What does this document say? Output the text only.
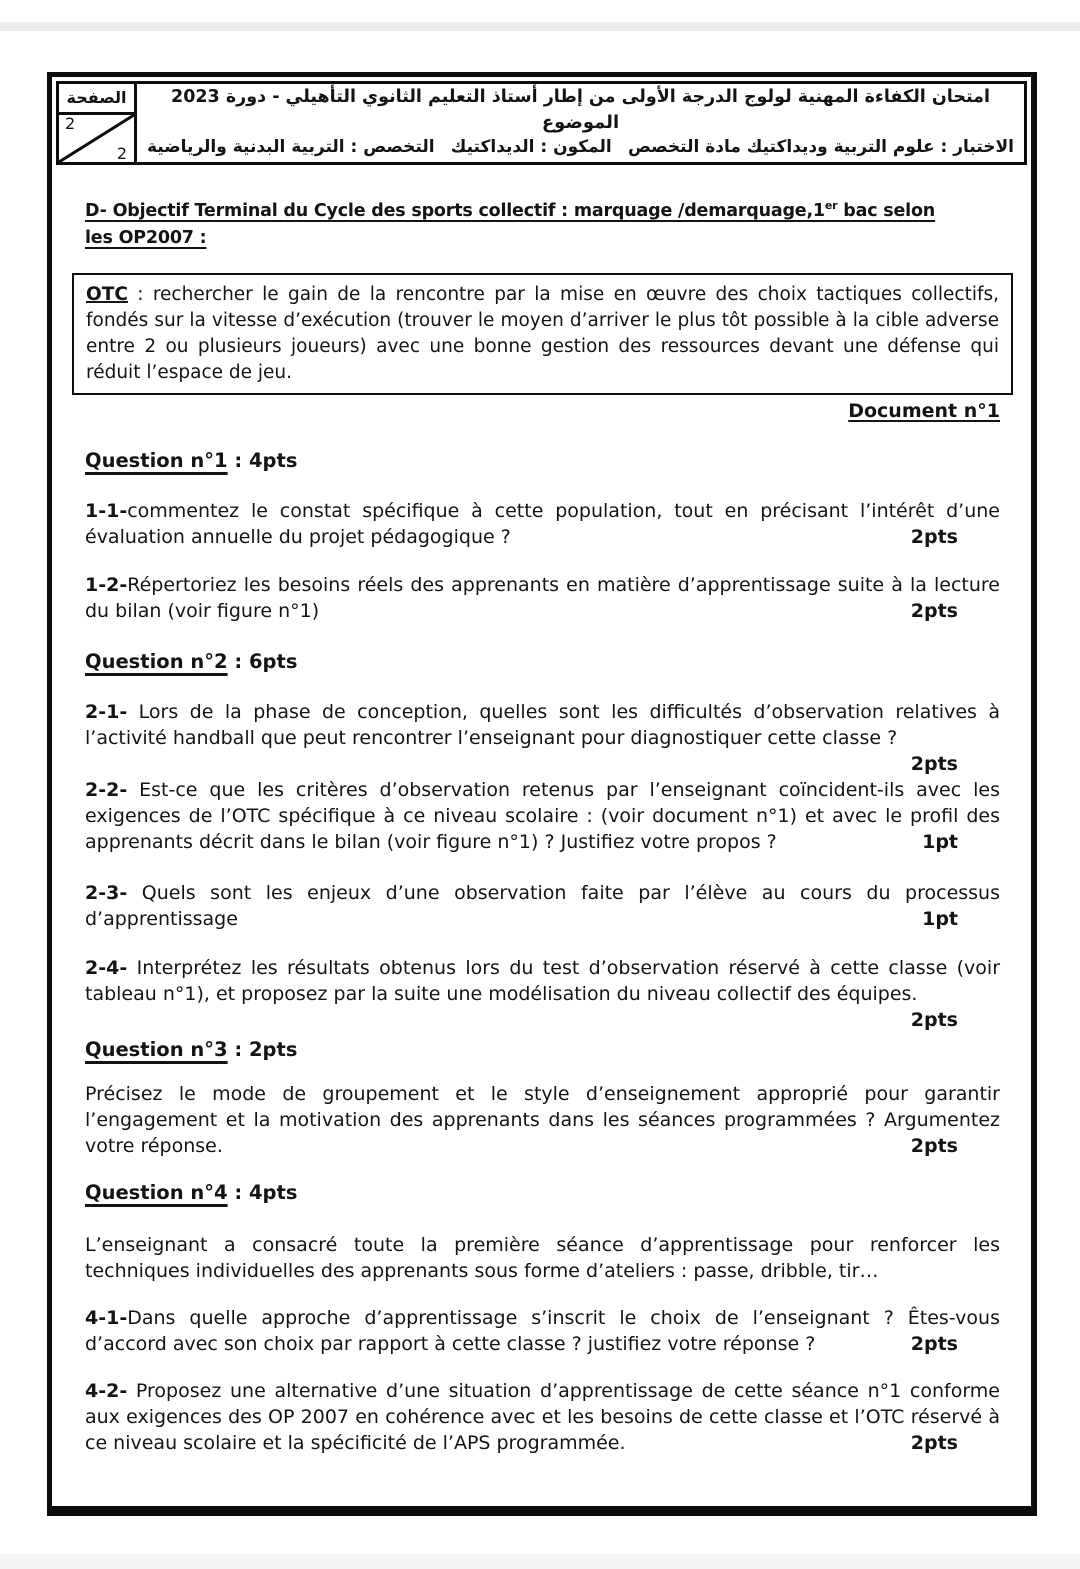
الصفحة
2
2
امتحان الكفاءة المهنية لولوج الدرجة الأولى من إطار أستاذ التعليم الثانوي التأهيلي - دورة 2023
الموضوع
الاختبار : علوم التربية وديداكتيك مادة التخصص
المكون : الديداكتيك
التخصص : التربية البدنية والرياضية
D- Objectif Terminal du Cycle des sports collectif : marquage /demarquage,1er bac selon
les OP2007 :
OTC : rechercher le gain de la rencontre par la mise en œuvre des choix tactiques collectifs, fondés sur la vitesse d’exécution (trouver le moyen d’arriver le plus tôt possible à la cible adverse entre 2 ou plusieurs joueurs) avec une bonne gestion des ressources devant une défense qui réduit l’espace de jeu.
Document n°1
Question n°1 : 4pts
1-1-commentez le constat spécifique à cette population, tout en précisant l’intérêt d’une évaluation annuelle du projet pédagogique ?	2pts
1-2-Répertoriez les besoins réels des apprenants en matière d’apprentissage suite à la lecture du bilan (voir figure n°1)	2pts
Question n°2 : 6pts
2-1- Lors de la phase de conception, quelles sont les difficultés d’observation relatives à l’activité handball que peut rencontrer l’enseignant pour diagnostiquer cette classe ?
2pts
2-2- Est-ce que les critères d’observation retenus par l’enseignant coïncident-ils avec les exigences de l’OTC spécifique à ce niveau scolaire : (voir document n°1) et avec le profil des apprenants décrit dans le bilan (voir figure n°1) ? Justifiez votre propos ?	1pt
2-3- Quels sont les enjeux d’une observation faite par l’élève au cours du processus d’apprentissage	1pt
2-4- Interprétez les résultats obtenus lors du test d’observation réservé à cette classe (voir tableau n°1), et proposez par la suite une modélisation du niveau collectif des équipes.
2pts
Question n°3 : 2pts
Précisez le mode de groupement et le style d’enseignement approprié pour garantir l’engagement et la motivation des apprenants dans les séances programmées ? Argumentez votre réponse.	2pts
Question n°4 : 4pts
L’enseignant a consacré toute la première séance d’apprentissage pour renforcer les techniques individuelles des apprenants sous forme d’ateliers : passe, dribble, tir…
4-1-Dans quelle approche d’apprentissage s’inscrit le choix de l’enseignant ? Êtes-vous d’accord avec son choix par rapport à cette classe ? justifiez votre réponse ?	2pts
4-2- Proposez une alternative d’une situation d’apprentissage de cette séance n°1 conforme aux exigences des OP 2007 en cohérence avec et les besoins de cette classe et l’OTC réservé à ce niveau scolaire et la spécificité de l’APS programmée.	2pts
